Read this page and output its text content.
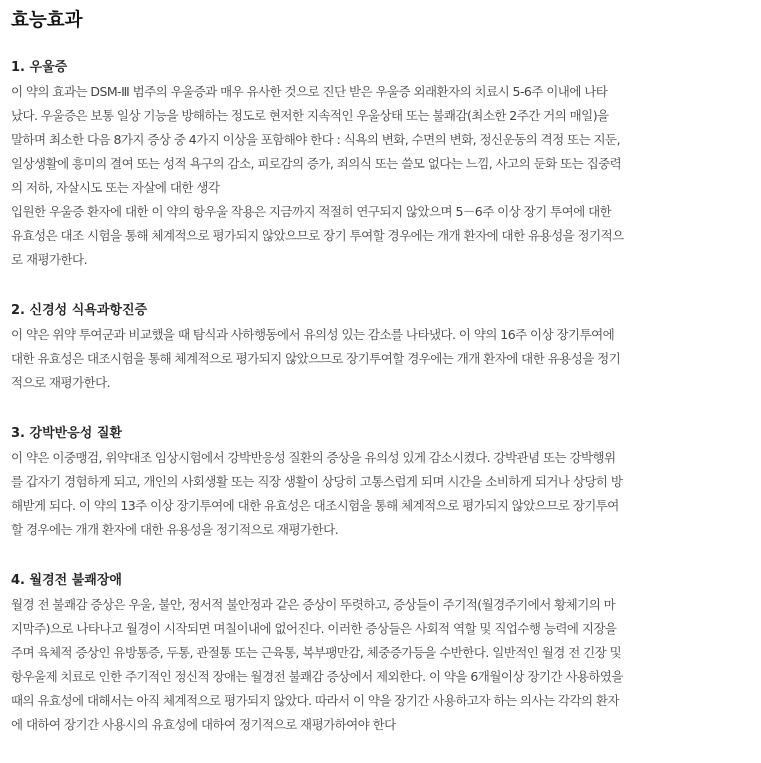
효능효과
1. 우울증
이 약의 효과는 DSM-Ⅲ 범주의 우울증과 매우 유사한 것으로 진단 받은 우울증 외래환자의 치료시 5-6주 이내에 나타
났다. 우울증은 보통 일상 기능을 방해하는 정도로 현저한 지속적인 우울상태 또는 불쾌감(최소한 2주간 거의 매일)을
말하며 최소한 다음 8가지 증상 중 4가지 이상을 포함해야 한다 : 식욕의 변화, 수면의 변화, 정신운동의 격정 또는 지둔,
일상생활에 흥미의 결여 또는 성적 욕구의 감소, 피로감의 증가, 죄의식 또는 쓸모 없다는 느낌, 사고의 둔화 또는 집중력
의 저하, 자살시도 또는 자살에 대한 생각
입원한 우울증 환자에 대한 이 약의 항우울 작용은 지금까지 적절히 연구되지 않았으며 5－6주 이상 장기 투여에 대한
유효성은 대조 시험을 통해 체계적으로 평가되지 않았으므로 장기 투여할 경우에는 개개 환자에 대한 유용성을 정기적으
로 재평가한다.
2. 신경성 식욕과항진증
이 약은 위약 투여군과 비교했을 때 탐식과 사하행동에서 유의성 있는 감소를 나타냈다. 이 약의 16주 이상 장기투여에
대한 유효성은 대조시험을 통해 체계적으로 평가되지 않았으므로 장기투여할 경우에는 개개 환자에 대한 유용성을 정기
적으로 재평가한다.
3. 강박반응성 질환
이 약은 이중맹검, 위약대조 임상시험에서 강박반응성 질환의 증상을 유의성 있게 감소시켰다. 강박관념 또는 강박행위
를 갑자기 경험하게 되고, 개인의 사회생활 또는 직장 생활이 상당히 고통스럽게 되며 시간을 소비하게 되거나 상당히 방
해받게 되다. 이 약의 13주 이상 장기투여에 대한 유효성은 대조시험을 통해 체계적으로 평가되지 않았으므로 장기투여
할 경우에는 개개 환자에 대한 유용성을 정기적으로 재평가한다.
4. 월경전 불쾌장애
월경 전 불쾌감 증상은 우울, 불안, 정서적 불안정과 같은 증상이 뚜렷하고, 증상들이 주기적(월경주기에서 황체기의 마
지막주)으로 나타나고 월경이 시작되면 며칠이내에 없어진다. 이러한 증상들은 사회적 역할 및 직업수행 능력에 지장을
주며 육체적 증상인 유방통증, 두통, 관절통 또는 근육통, 복부팽만감, 체중증가등을 수반한다. 일반적인 월경 전 긴장 및
항우울제 치료로 인한 주기적인 정신적 장애는 월경전 불쾌감 증상에서 제외한다. 이 약을 6개월이상 장기간 사용하였을
때의 유효성에 대해서는 아직 체계적으로 평가되지 않았다. 따라서 이 약을 장기간 사용하고자 하는 의사는 각각의 환자
에 대하여 장기간 사용시의 유효성에 대하여 정기적으로 재평가하여야 한다
